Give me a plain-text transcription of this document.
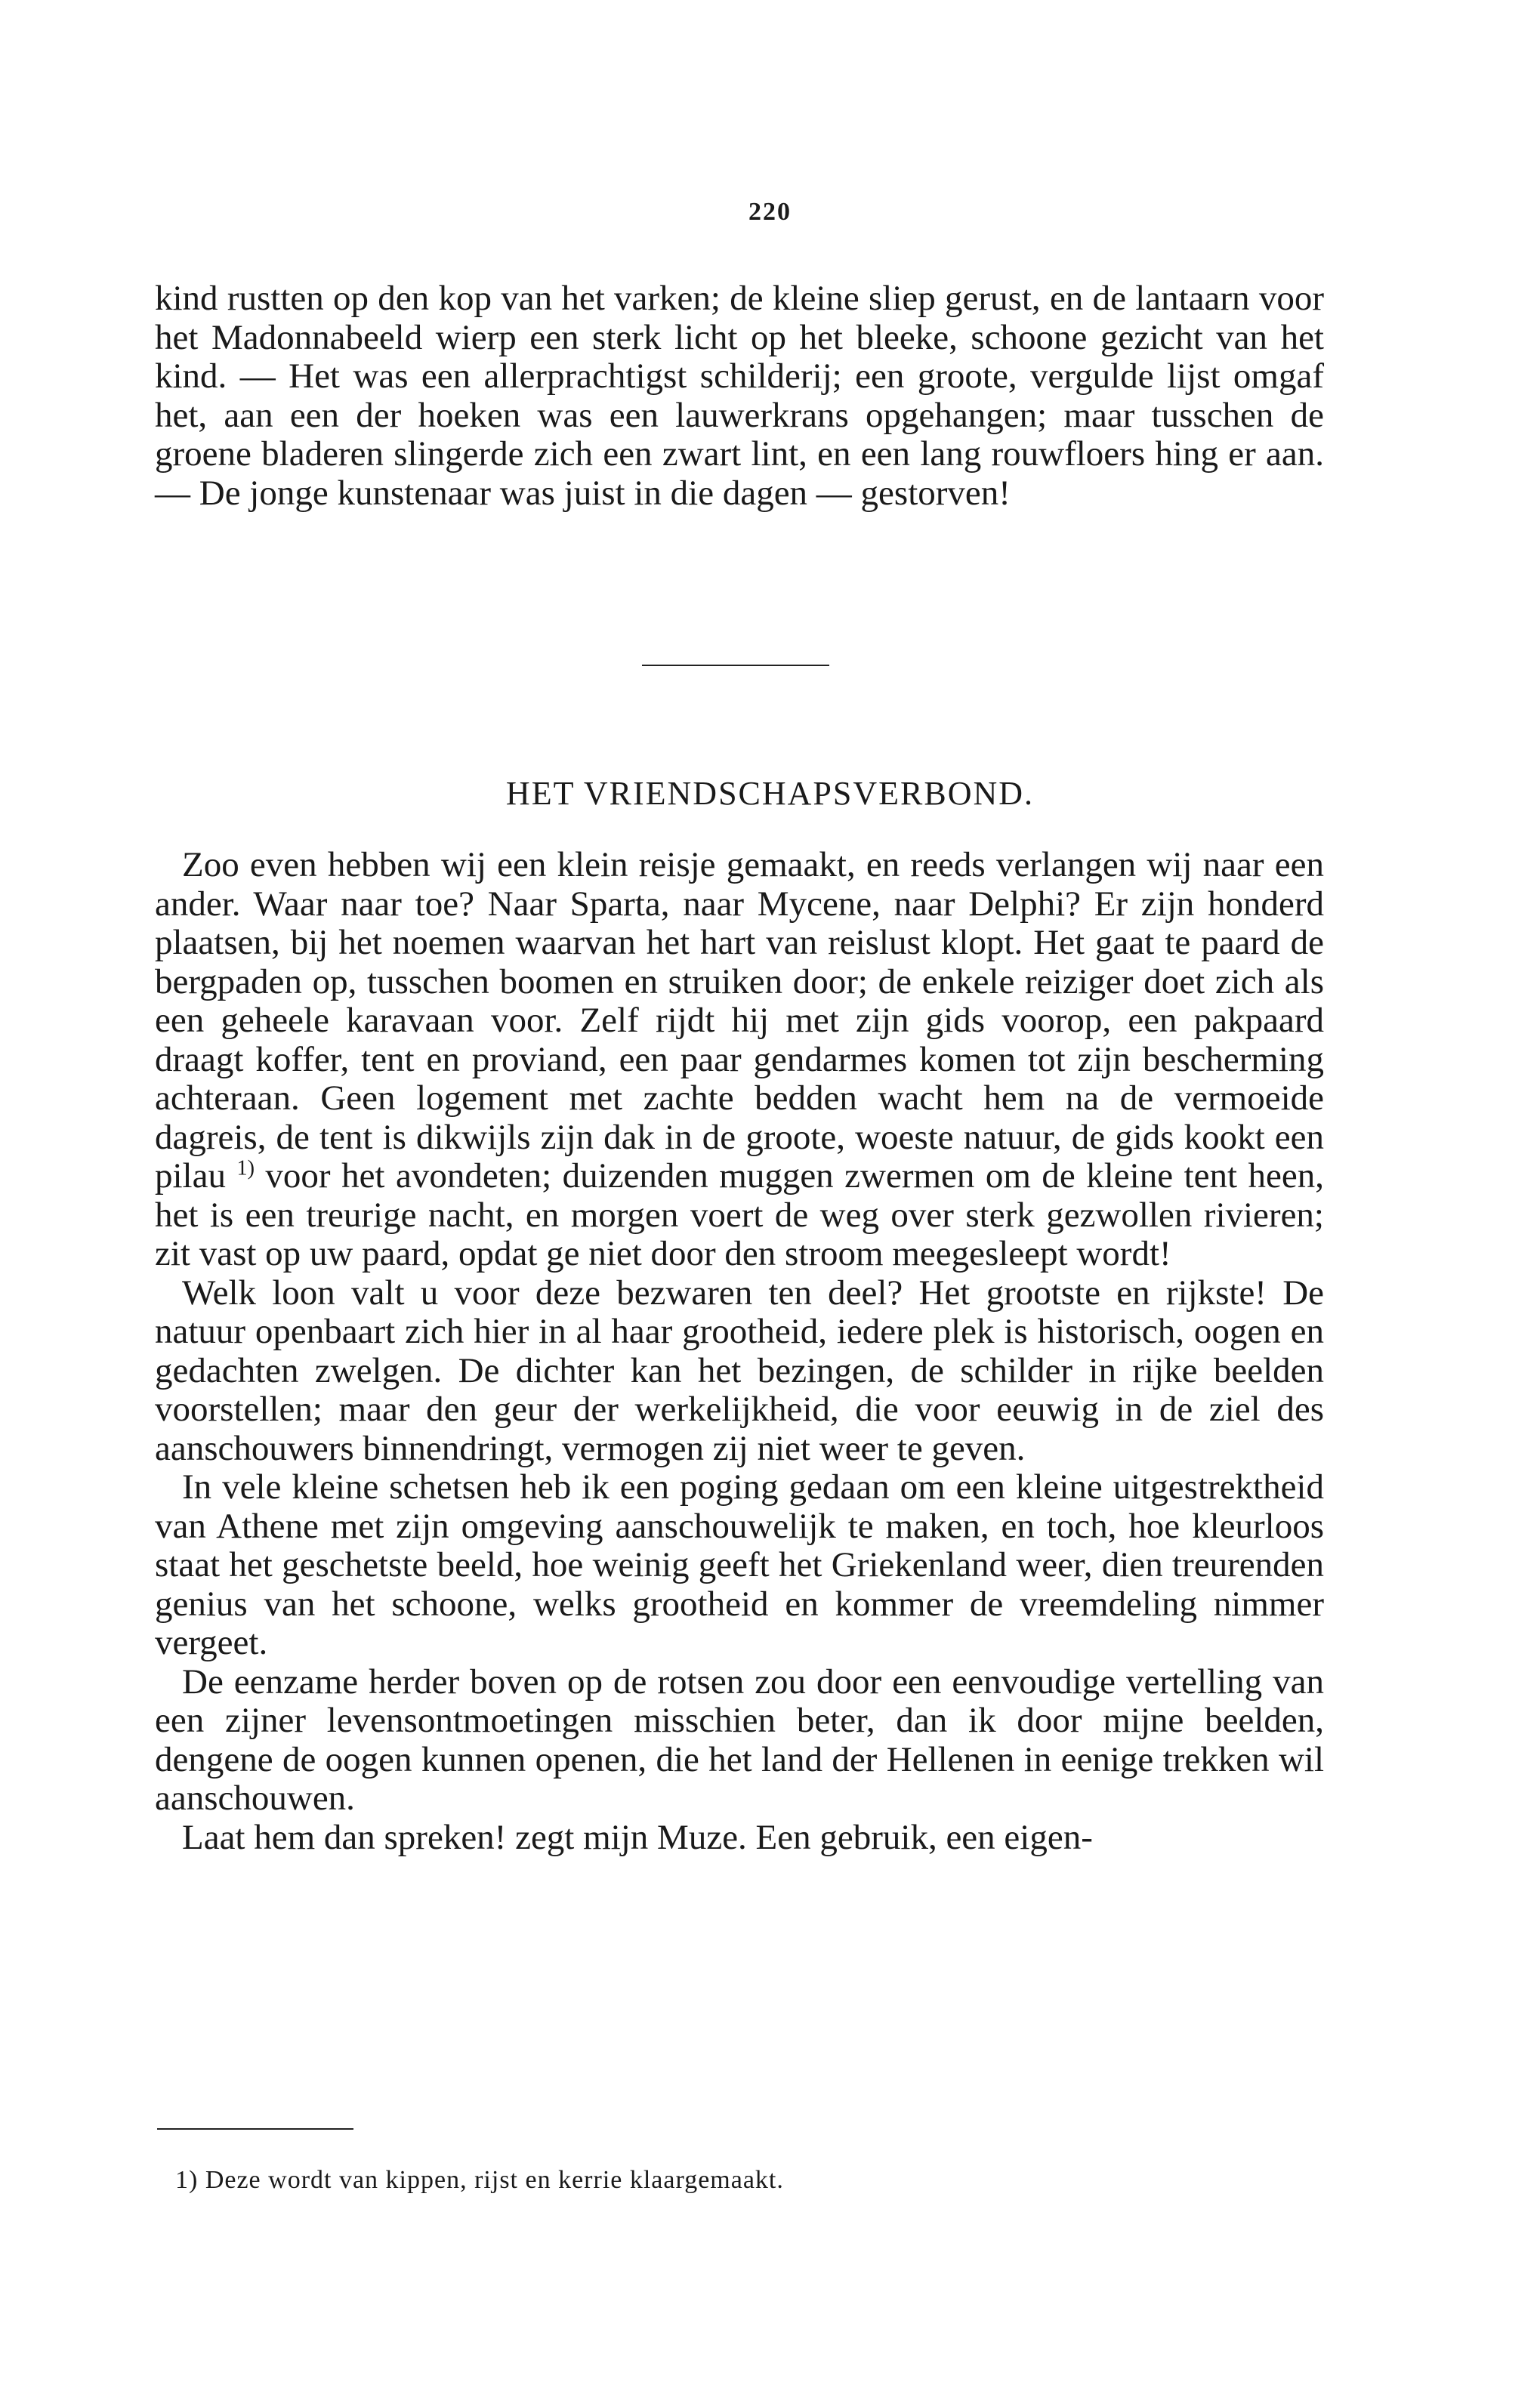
220

kind rustten op den kop van het varken; de kleine sliep gerust, en de lantaarn voor het Madonnabeeld wierp een sterk licht op het bleeke, schoone gezicht van het kind. — Het was een allerprachtigst schilderij; een groote, vergulde lijst omgaf het, aan een der hoeken was een lauwerkrans opgehangen; maar tusschen de groene bladeren slingerde zich een zwart lint, en een lang rouwfloers hing er aan. — De jonge kunstenaar was juist in die dagen — gestorven!

HET VRIENDSCHAPSVERBOND.

Zoo even hebben wij een klein reisje gemaakt, en reeds verlangen wij naar een ander. Waar naar toe? Naar Sparta, naar Mycene, naar Delphi? Er zijn honderd plaatsen, bij het noemen waarvan het hart van reislust klopt. Het gaat te paard de bergpaden op, tusschen boomen en struiken door; de enkele reiziger doet zich als een geheele karavaan voor. Zelf rijdt hij met zijn gids voorop, een pakpaard draagt koffer, tent en proviand, een paar gendarmes komen tot zijn bescherming achteraan. Geen logement met zachte bedden wacht hem na de vermoeide dagreis, de tent is dikwijls zijn dak in de groote, woeste natuur, de gids kookt een pilau $^{1)}$ voor het avondeten; duizenden muggen zwermen om de kleine tent heen, het is een treurige nacht, en morgen voert de weg over sterk gezwollen rivieren; zit vast op uw paard, opdat ge niet door den stroom meegesleept wordt!

Welk loon valt u voor deze bezwaren ten deel? Het grootste en rijkste! De natuur openbaart zich hier in al haar grootheid, iedere plek is historisch, oogen en gedachten zwelgen. De dichter kan het bezingen, de schilder in rijke beelden voorstellen; maar den geur der werkelijkheid, die voor eeuwig in de ziel des aanschouwers binnendringt, vermogen zij niet weer te geven.

In vele kleine schetsen heb ik een poging gedaan om een kleine uitgestrektheid van Athene met zijn omgeving aanschouwelijk te maken, en toch, hoe kleurloos staat het geschetste beeld, hoe weinig geeft het Griekenland weer, dien treurenden genius van het schoone, welks grootheid en kommer de vreemdeling nimmer vergeet.

De eenzame herder boven op de rotsen zou door een eenvoudige vertelling van een zijner levensontmoetingen misschien beter, dan ik door mijne beelden, dengene de oogen kunnen openen, die het land der Hellenen in eenige trekken wil aanschouwen.

Laat hem dan spreken! zegt mijn Muze. Een gebruik, een eigen-

1) Deze wordt van kippen, rijst en kerrie klaargemaakt.
